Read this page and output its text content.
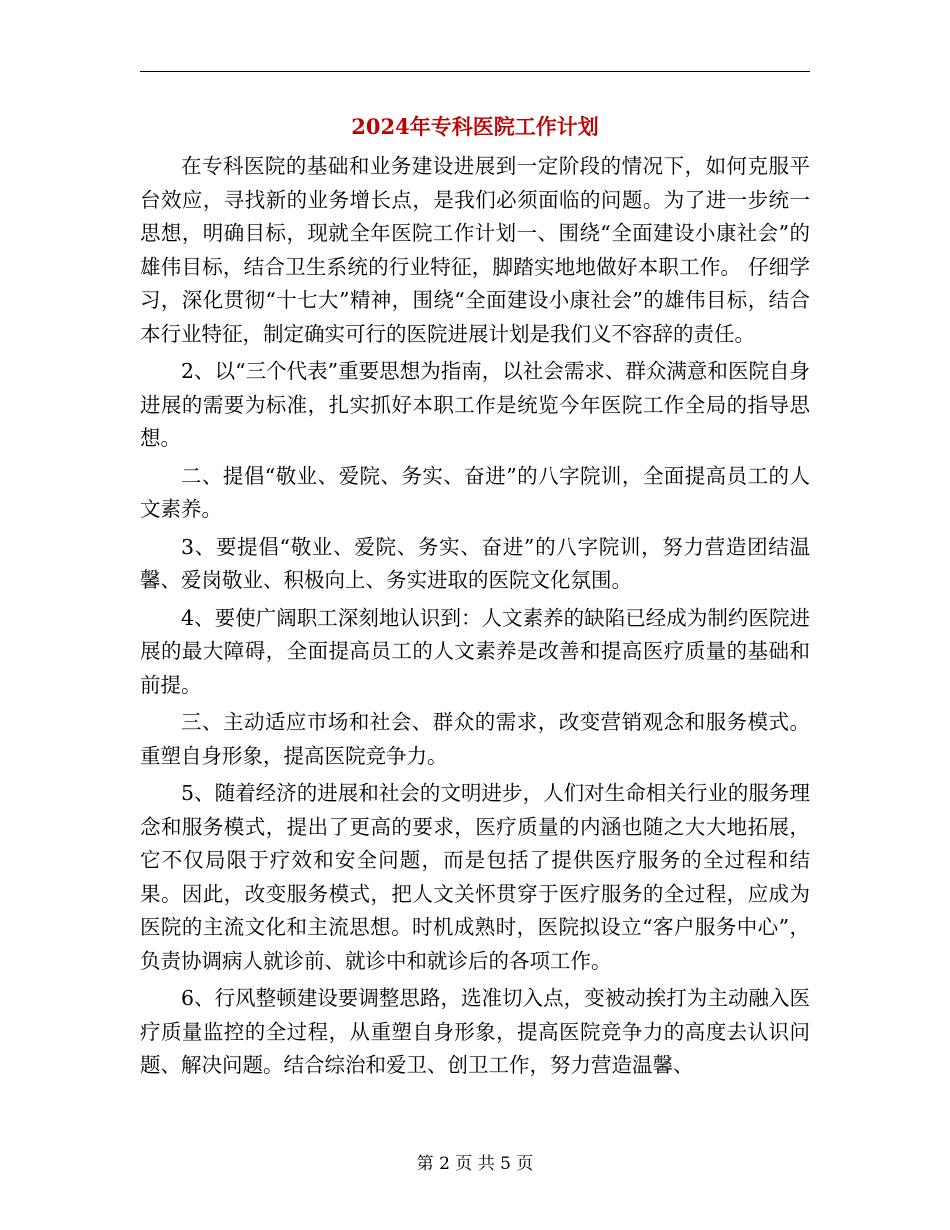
2024年专科医院工作计划

在专科医院的基础和业务建设进展到一定阶段的情况下，如何克服平台效应，寻找新的业务增长点，是我们必须面临的问题。为了进一步统一思想，明确目标，现就全年医院工作计划一、围绕“全面建设小康社会”的雄伟目标，结合卫生系统的行业特征，脚踏实地地做好本职工作。 仔细学习，深化贯彻“十七大”精神，围绕“全面建设小康社会”的雄伟目标，结合本行业特征，制定确实可行的医院进展计划是我们义不容辞的责任。

2、以“三个代表”重要思想为指南，以社会需求、群众满意和医院自身进展的需要为标准，扎实抓好本职工作是统览今年医院工作全局的指导思想。

二、提倡“敬业、爱院、务实、奋进”的八字院训，全面提高员工的人文素养。

3、要提倡“敬业、爱院、务实、奋进”的八字院训，努力营造团结温馨、爱岗敬业、积极向上、务实进取的医院文化氛围。

4、要使广阔职工深刻地认识到：人文素养的缺陷已经成为制约医院进展的最大障碍，全面提高员工的人文素养是改善和提高医疗质量的基础和前提。

三、主动适应市场和社会、群众的需求，改变营销观念和服务模式。重塑自身形象，提高医院竞争力。

5、随着经济的进展和社会的文明进步，人们对生命相关行业的服务理念和服务模式，提出了更高的要求，医疗质量的内涵也随之大大地拓展，它不仅局限于疗效和安全问题，而是包括了提供医疗服务的全过程和结果。因此，改变服务模式，把人文关怀贯穿于医疗服务的全过程，应成为医院的主流文化和主流思想。时机成熟时，医院拟设立“客户服务中心”，负责协调病人就诊前、就诊中和就诊后的各项工作。

6、行风整顿建设要调整思路，选准切入点，变被动挨打为主动融入医疗质量监控的全过程，从重塑自身形象，提高医院竞争力的高度去认识问题、解决问题。结合综治和爱卫、创卫工作，努力营造温馨、

第 2 页 共 5 页
